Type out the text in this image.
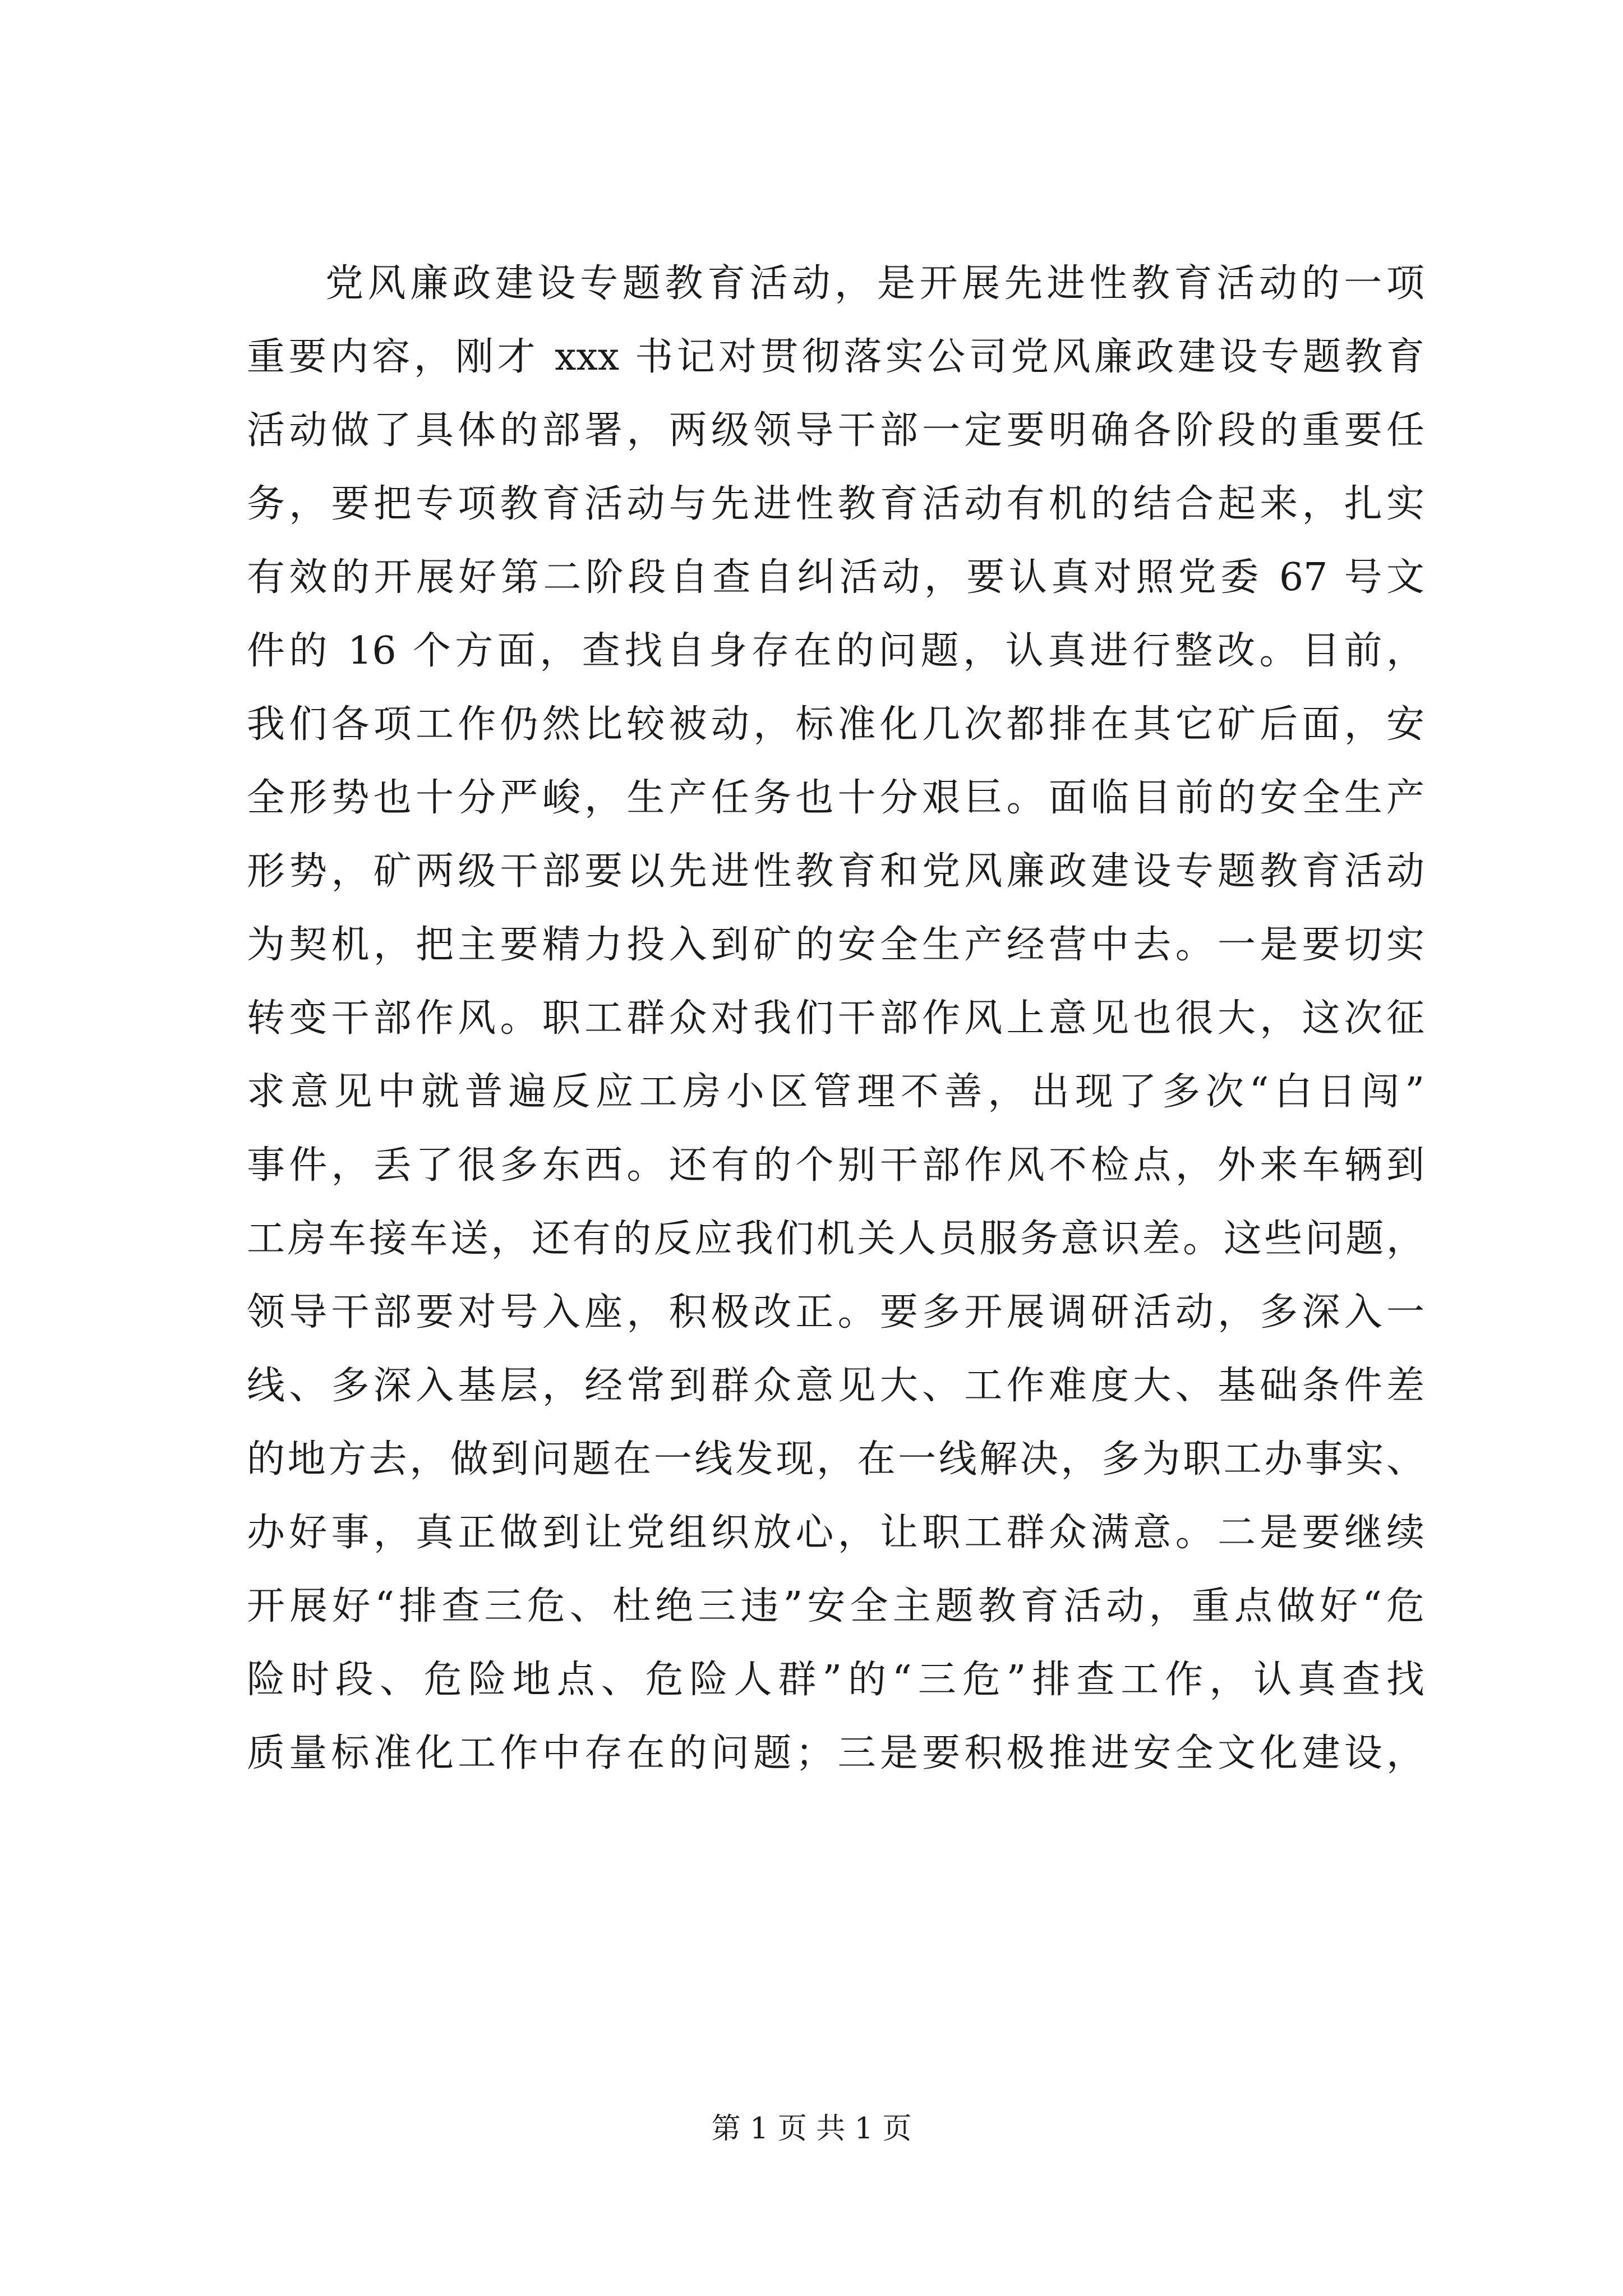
党风廉政建设专题教育活动，是开展先进性教育活动的一项
重要内容，刚才 xxx 书记对贯彻落实公司党风廉政建设专题教育
活动做了具体的部署，两级领导干部一定要明确各阶段的重要任
务，要把专项教育活动与先进性教育活动有机的结合起来，扎实
有效的开展好第二阶段自查自纠活动，要认真对照党委 67 号文
件的 16 个方面，查找自身存在的问题，认真进行整改。目前，
我们各项工作仍然比较被动，标准化几次都排在其它矿后面，安
全形势也十分严峻，生产任务也十分艰巨。面临目前的安全生产
形势，矿两级干部要以先进性教育和党风廉政建设专题教育活动
为契机，把主要精力投入到矿的安全生产经营中去。一是要切实
转变干部作风。职工群众对我们干部作风上意见也很大，这次征
求意见中就普遍反应工房小区管理不善，出现了多次“白日闯”
事件，丢了很多东西。还有的个别干部作风不检点，外来车辆到
工房车接车送，还有的反应我们机关人员服务意识差。这些问题，
领导干部要对号入座，积极改正。要多开展调研活动，多深入一
线、多深入基层，经常到群众意见大、工作难度大、基础条件差
的地方去，做到问题在一线发现，在一线解决，多为职工办事实、
办好事，真正做到让党组织放心，让职工群众满意。二是要继续
开展好“排查三危、杜绝三违”安全主题教育活动，重点做好“危
险时段、危险地点、危险人群”的“三危”排查工作，认真查找
质量标准化工作中存在的问题；三是要积极推进安全文化建设，
第 1 页 共 1 页
